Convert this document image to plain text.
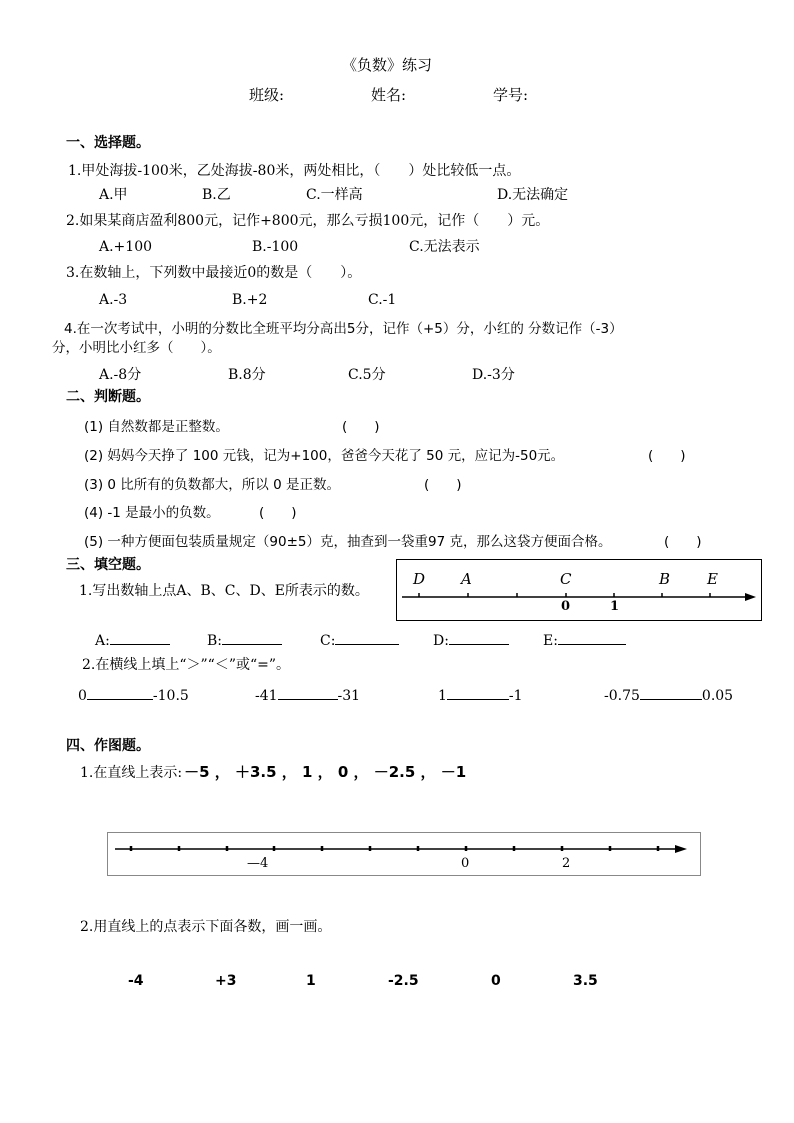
《负数》练习
班级:	姓名:	学号:
一、选择题。
1.甲处海拔-100米，乙处海拔-80米，两处相比，（　　）处比较低一点。
A.甲	B.乙	C.一样高	D.无法确定
2.如果某商店盈利800元，记作+800元，那么亏损100元，记作（　　）元。
A.+100	B.-100	C.无法表示
3.在数轴上，下列数中最接近0的数是（　　）。
A.-3	B.+2	C.-1
4.在一次考试中，小明的分数比全班平均分高出5分，记作（+5）分，小红的 分数记作（-3）
分，小明比小红多（　　）。
A.-8分	B.8分	C.5分	D.-3分
二、判断题。
(1) 自然数都是正整数。	(　　)
(2) 妈妈今天挣了 100 元钱，记为+100，爸爸今天花了 50 元，应记为-50元。	(　　)
(3) 0 比所有的负数都大，所以 0 是正数。	(　　)
(4) -1 是最小的负数。	(　　)
(5) 一种方便面包装质量规定（90±5）克，抽查到一袋重97 克，那么这袋方便面合格。	(　　)
三、填空题。
1.写出数轴上点A、B、C、D、E所表示的数。
D A	C	B E
0	1
A:	B:	C:	D:	E:
2.在横线上填上“＞”“＜”或“=”。
0	-10.5	-41	-31	1	-1	-0.75	0.05
四、作图题。
1.在直线上表示: －5 ， ＋3.5 ， 1 ， 0 ， －2.5 ， －1
—4	0	2
2.用直线上的点表示下面各数，画一画。
-4	+3	1	-2.5	0	3.5
